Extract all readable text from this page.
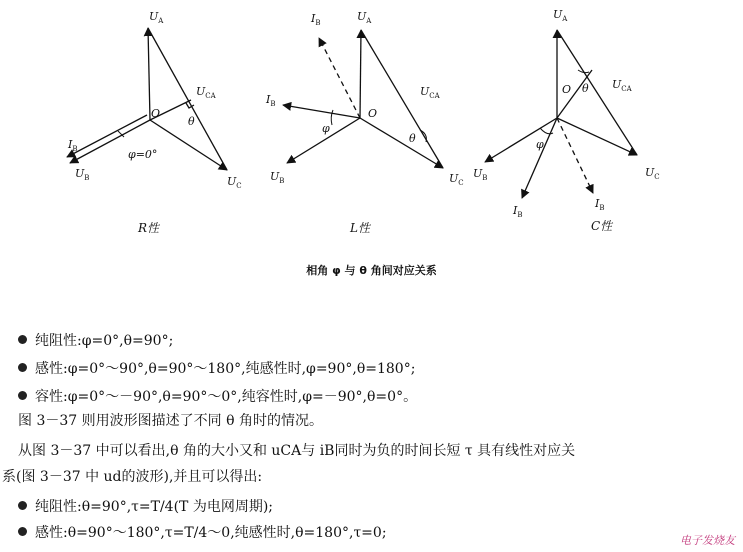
$U_A$
$U_{CA}$
O
θ
$I_B$	φ=0°
$U_B$	$U_C$
R性
$U_A$
$I_B$
$U_{CA}$
$I_B$
O
φ
θ
$U_B$	$U_C$
L性
$U_A$
$U_{CA}$
O θ
φ
$U_B$	$U_C$
$I_B$
$I_B$
C性
相角 φ 与 θ 角间对应关系
纯阻性:φ=0°,θ=90°;
感性:φ=0°～90°,θ=90°～180°,纯感性时,φ=90°,θ=180°;
容性:φ=0°～－90°,θ=90°～0°,纯容性时,φ=－90°,θ=0°。
图 3－37 则用波形图描述了不同 θ 角时的情况。
从图 3－37 中可以看出,θ 角的大小又和 uCA与 iB同时为负的时间长短 τ 具有线性对应关
系(图 3－37 中 ud的波形),并且可以得出:
纯阻性:θ=90°,τ=T/4(T 为电网周期);
感性:θ=90°～180°,τ=T/4～0,纯感性时,θ=180°,τ=0;	电子发烧友
